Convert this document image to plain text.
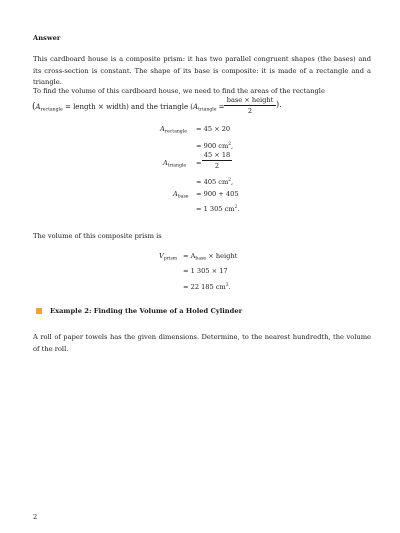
Answer
This cardboard house is a composite prism: it has two parallel congruent shapes (the bases) and its cross-section is constant. The shape of its base is composite: it is made of a rectangle and a triangle.
To find the volume of this cardboard house, we need to find the areas of the rectangle
($A_{rectangle}$ = length × width) and the triangle ($A_{triangle}$ =
base × height
2
).
$A_{rectangle} = 45 \times 20$
= 900 $cm^2$,
$A_{triangle}$ =
45 × 18
2
= 405 $cm^2$,
$A_{base} = 900 + 405$
= 1 305 $cm^2$.
The volume of this composite prism is
$V_{prism} = A_{base}$ × height
= 1 305 × 17
= 22 185 $cm^3$.
Example 2: Finding the Volume of a Holed Cylinder
A roll of paper towels has the given dimensions. Determine, to the nearest hundredth, the volume of the roll.
2
